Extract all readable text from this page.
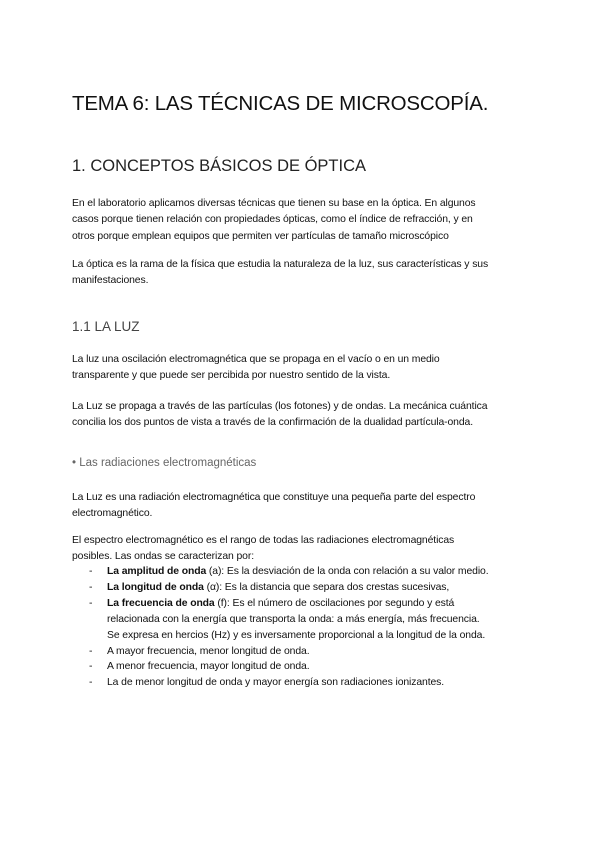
TEMA 6: LAS TÉCNICAS DE MICROSCOPÍA.
1. CONCEPTOS BÁSICOS DE ÓPTICA

En el laboratorio aplicamos diversas técnicas que tienen su base en la óptica. En algunos
casos porque tienen relación con propiedades ópticas, como el índice de refracción, y en
otros porque emplean equipos que permiten ver partículas de tamaño microscópico

La óptica es la rama de la física que estudia la naturaleza de la luz, sus características y sus
manifestaciones.

1.1 LA LUZ

La luz una oscilación electromagnética que se propaga en el vacío o en un medio
transparente y que puede ser percibida por nuestro sentido de la vista.

La Luz se propaga a través de las partículas (los fotones) y de ondas. La mecánica cuántica
concilia los dos puntos de vista a través de la confirmación de la dualidad partícula-onda.

• Las radiaciones electromagnéticas

La Luz es una radiación electromagnética que constituye una pequeña parte del espectro
electromagnético.

El espectro electromagnético es el rango de todas las radiaciones electromagnéticas
posibles. Las ondas se caracterizan por:

- La amplitud de onda (a): Es la desviación de la onda con relación a su valor medio.
- La longitud de onda (α): Es la distancia que separa dos crestas sucesivas,
- La frecuencia de onda (f): Es el número de oscilaciones por segundo y está
relacionada con la energía que transporta la onda: a más energía, más frecuencia.
Se expresa en hercios (Hz) y es inversamente proporcional a la longitud de la onda.
- A mayor frecuencia, menor longitud de onda.
- A menor frecuencia, mayor longitud de onda.
- La de menor longitud de onda y mayor energía son radiaciones ionizantes.
